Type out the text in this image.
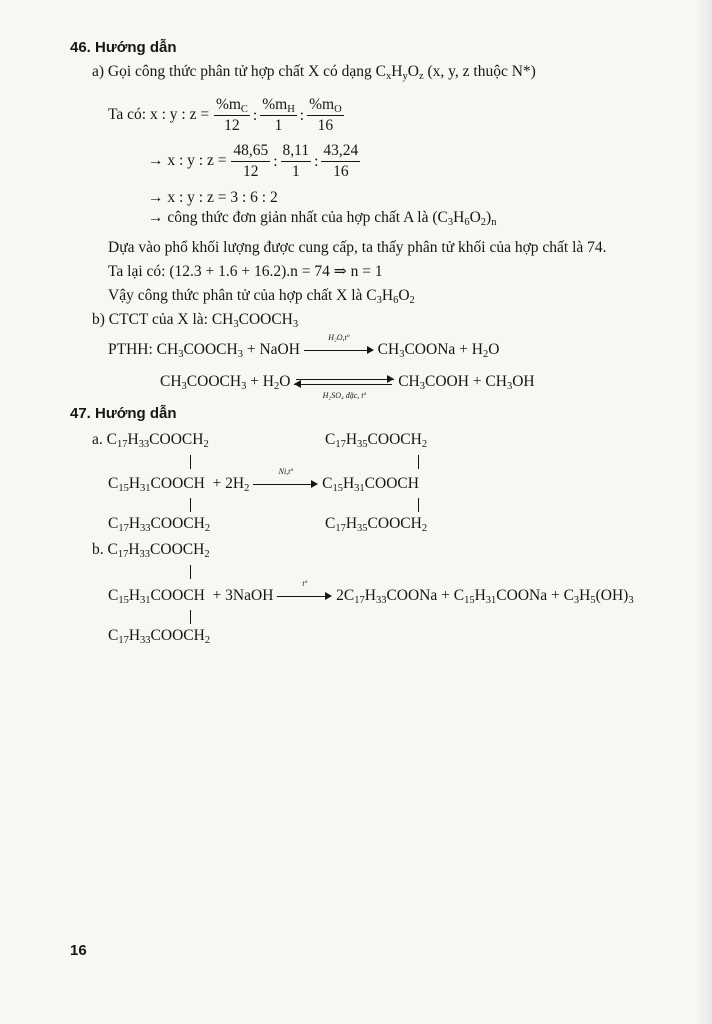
46. Hướng dẫn
a) Gọi công thức phân tử hợp chất X có dạng $C_xH_yO_z$ (x, y, z thuộc N*)
Ta có: x : y : $z = \frac{\%m_C}{12}$ : $\frac{\%m_H}{1}$ : $\frac{\%m_O}{16}$
→ x : y : $z = \frac{48,65}{12}$ : $\frac{8,11}{1}$ : $\frac{43,24}{16}$
→ x : y : z = 3 : 6 : 2
→ công thức đơn giản nhất của hợp chất A là $(C_3H_6O_2)_n$
Dựa vào phổ khối lượng được cung cấp, ta thấy phân tử khối của hợp chất là 74.
Ta lại có: (12.3 + 1.6 + 16.2).n = 74 ⇒ n = 1
Vậy công thức phân tử của hợp chất X là $C_3H_6O_2$
b) CTCT của X là: $CH_3COOCH_3$
PTHH: $CH_3COOCH_3$ + NaOH
H₂O,tº
$CH_3COONa + H_2O$
$CH_3COOCH_3 + H_2O$
H₂SO₄ đặc, tº
$CH_3COOH + CH_3OH$
47. Hướng dẫn
a. $C_{17}H_{33}COOCH_2$	$C_{17}H_{35}COOCH_2$
$C_{15}H_{31}COOCH + 2H_2$
Ni,tº
$C_{15}H_{31}COOCH$
$C_{17}H_{33}COOCH_2$	$C_{17}H_{35}COOCH_2$
b. $C_{17}H_{33}COOCH_2$
$C_{15}H_{31}COOCH$  + 3NaOH
tº
$2C_{17}H_{33}COONa$ + $C_{15}H_{31}COONa + C_3H_5(OH)_3$
$C_{17}H_{33}COOCH_2$
16
